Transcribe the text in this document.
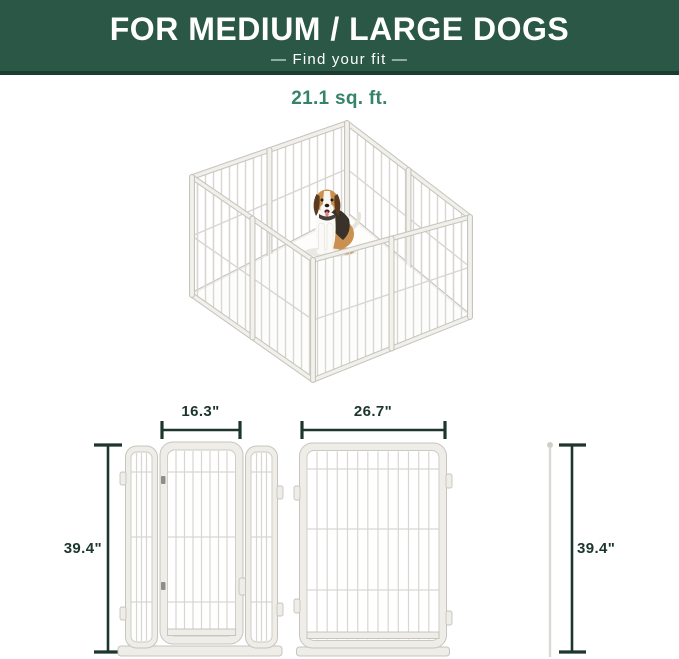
FOR MEDIUM / LARGE DOGS
— Find your fit —
21.1 sq. ft.
16.3"
39.4"
26.7"
39.4"
